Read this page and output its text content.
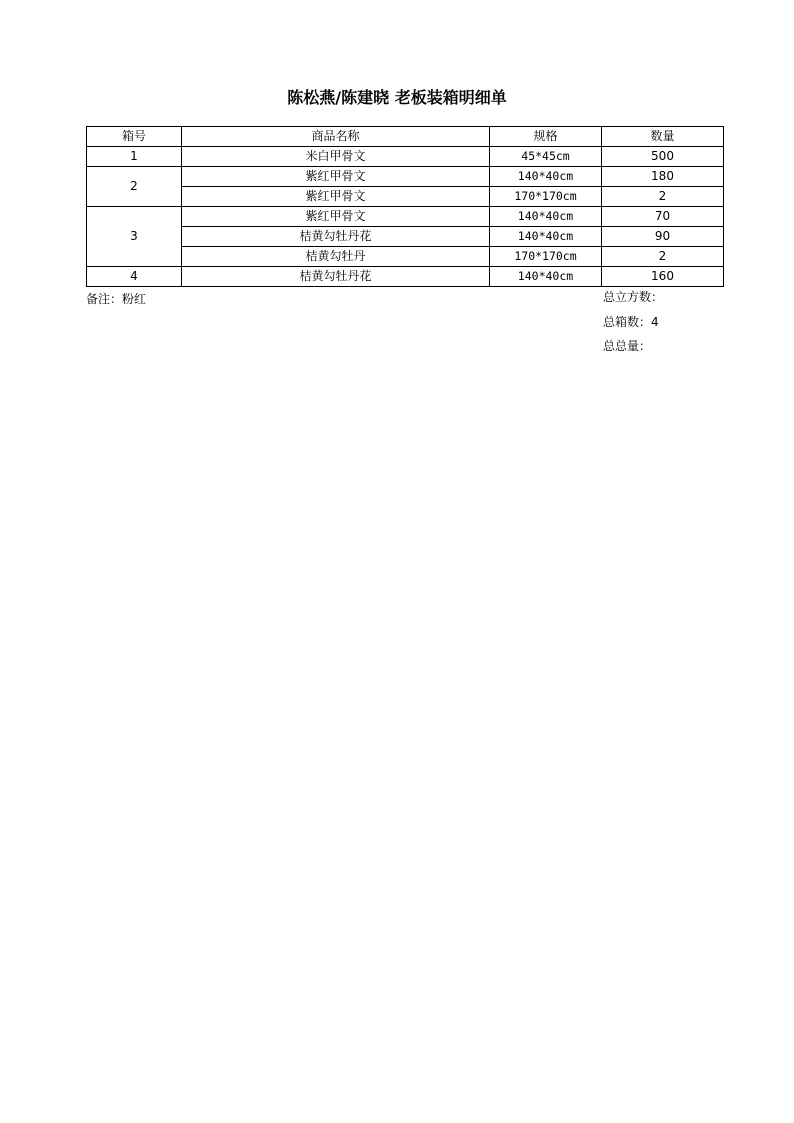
陈松燕/陈建晓 老板装箱明细单
箱号	商品名称	规格	数量
1	米白甲骨文	45*45cm	500
2	紫红甲骨文	140*40cm	180
	紫红甲骨文	170*170cm	2
3	紫红甲骨文	140*40cm	70
	桔黄勾牡丹花	140*40cm	90
	桔黄勾牡丹	170*170cm	2
4	桔黄勾牡丹花	140*40cm	160
备注：粉红	总立方数：
总箱数：4
总总量：
